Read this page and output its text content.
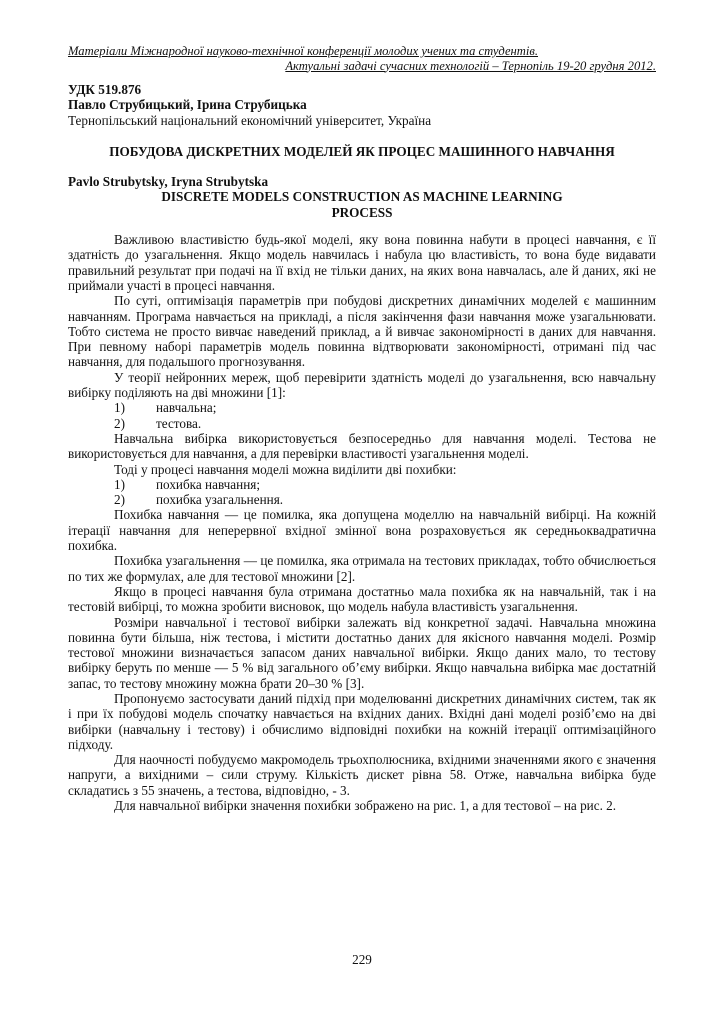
Матеріали Міжнародної науково-технічної конференції молодих учених та студентів.
Актуальні задачі сучасних технологій – Тернопіль 19-20 грудня 2012.
УДК 519.876
Павло Струбицький, Ірина Струбицька
Тернопільський національний економічний університет, Україна
ПОБУДОВА ДИСКРЕТНИХ МОДЕЛЕЙ ЯК ПРОЦЕС МАШИННОГО НАВЧАННЯ
Pavlo Strubytsky, Iryna Strubytska
DISCRETE MODELS CONSTRUCTION AS MACHINE LEARNING
PROCESS

Важливою властивістю будь-якої моделі, яку вона повинна набути в процесі навчання, є її здатність до узагальнення. Якщо модель навчилась і набула цю властивість, то вона буде видавати правильний результат при подачі на її вхід не тільки даних, на яких вона навчалась, але й даних, які не приймали участі в процесі навчання.

По суті, оптимізація параметрів при побудові дискретних динамічних моделей є машинним навчанням. Програма навчається на прикладі, а після закінчення фази навчання може узагальнювати. Тобто система не просто вивчає наведений приклад, а й вивчає закономірності в даних для навчання. При певному наборі параметрів модель повинна відтворювати закономірності, отримані під час навчання, для подальшого прогнозування.

У теорії нейронних мереж, щоб перевірити здатність моделі до узагальнення, всю навчальну вибірку поділяють на дві множини [1]:

1)	навчальна;
2)	тестова.

Навчальна вибірка використовується безпосередньо для навчання моделі. Тестова не використовується для навчання, а для перевірки властивості узагальнення моделі.

Тоді у процесі навчання моделі можна виділити дві похибки:

1)	похибка навчання;
2)	похибка узагальнення.

Похибка навчання — це помилка, яка допущена моделлю на навчальній вибірці. На кожній ітерації навчання для неперервної вхідної змінної вона розраховується як середньоквадратична похибка.

Похибка узагальнення — це помилка, яка отримала на тестових прикладах, тобто обчислюється по тих же формулах, але для тестової множини [2].

Якщо в процесі навчання була отримана достатньо мала похибка як на навчальній, так і на тестовій вибірці, то можна зробити висновок, що модель набула властивість узагальнення.

Розміри навчальної і тестової вибірки залежать від конкретної задачі. Навчальна множина повинна бути більша, ніж тестова, і містити достатньо даних для якісного навчання моделі. Розмір тестової множини визначається запасом даних навчальної вибірки. Якщо даних мало, то тестову вибірку беруть по менше — 5 % від загального об’єму вибірки. Якщо навчальна вибірка має достатній запас, то тестову множину можна брати 20–30 % [3].

Пропонуємо застосувати даний підхід при моделюванні дискретних динамічних систем, так як і при їх побудові модель спочатку навчається на вхідних даних. Вхідні дані моделі розіб’ємо на дві вибірки (навчальну і тестову) і обчислимо відповідні похибки на кожній ітерації оптимізаційного підходу.

Для наочності побудуємо макромодель трьохполюсника, вхідними значеннями якого є значення напруги, а вихідними – сили струму. Кількість дискет рівна 58. Отже, навчальна вибірка буде складатись з 55 значень, а тестова, відповідно, - 3.

Для навчальної вибірки значення похибки зображено на рис. 1, а для тестової – на рис. 2.

229
